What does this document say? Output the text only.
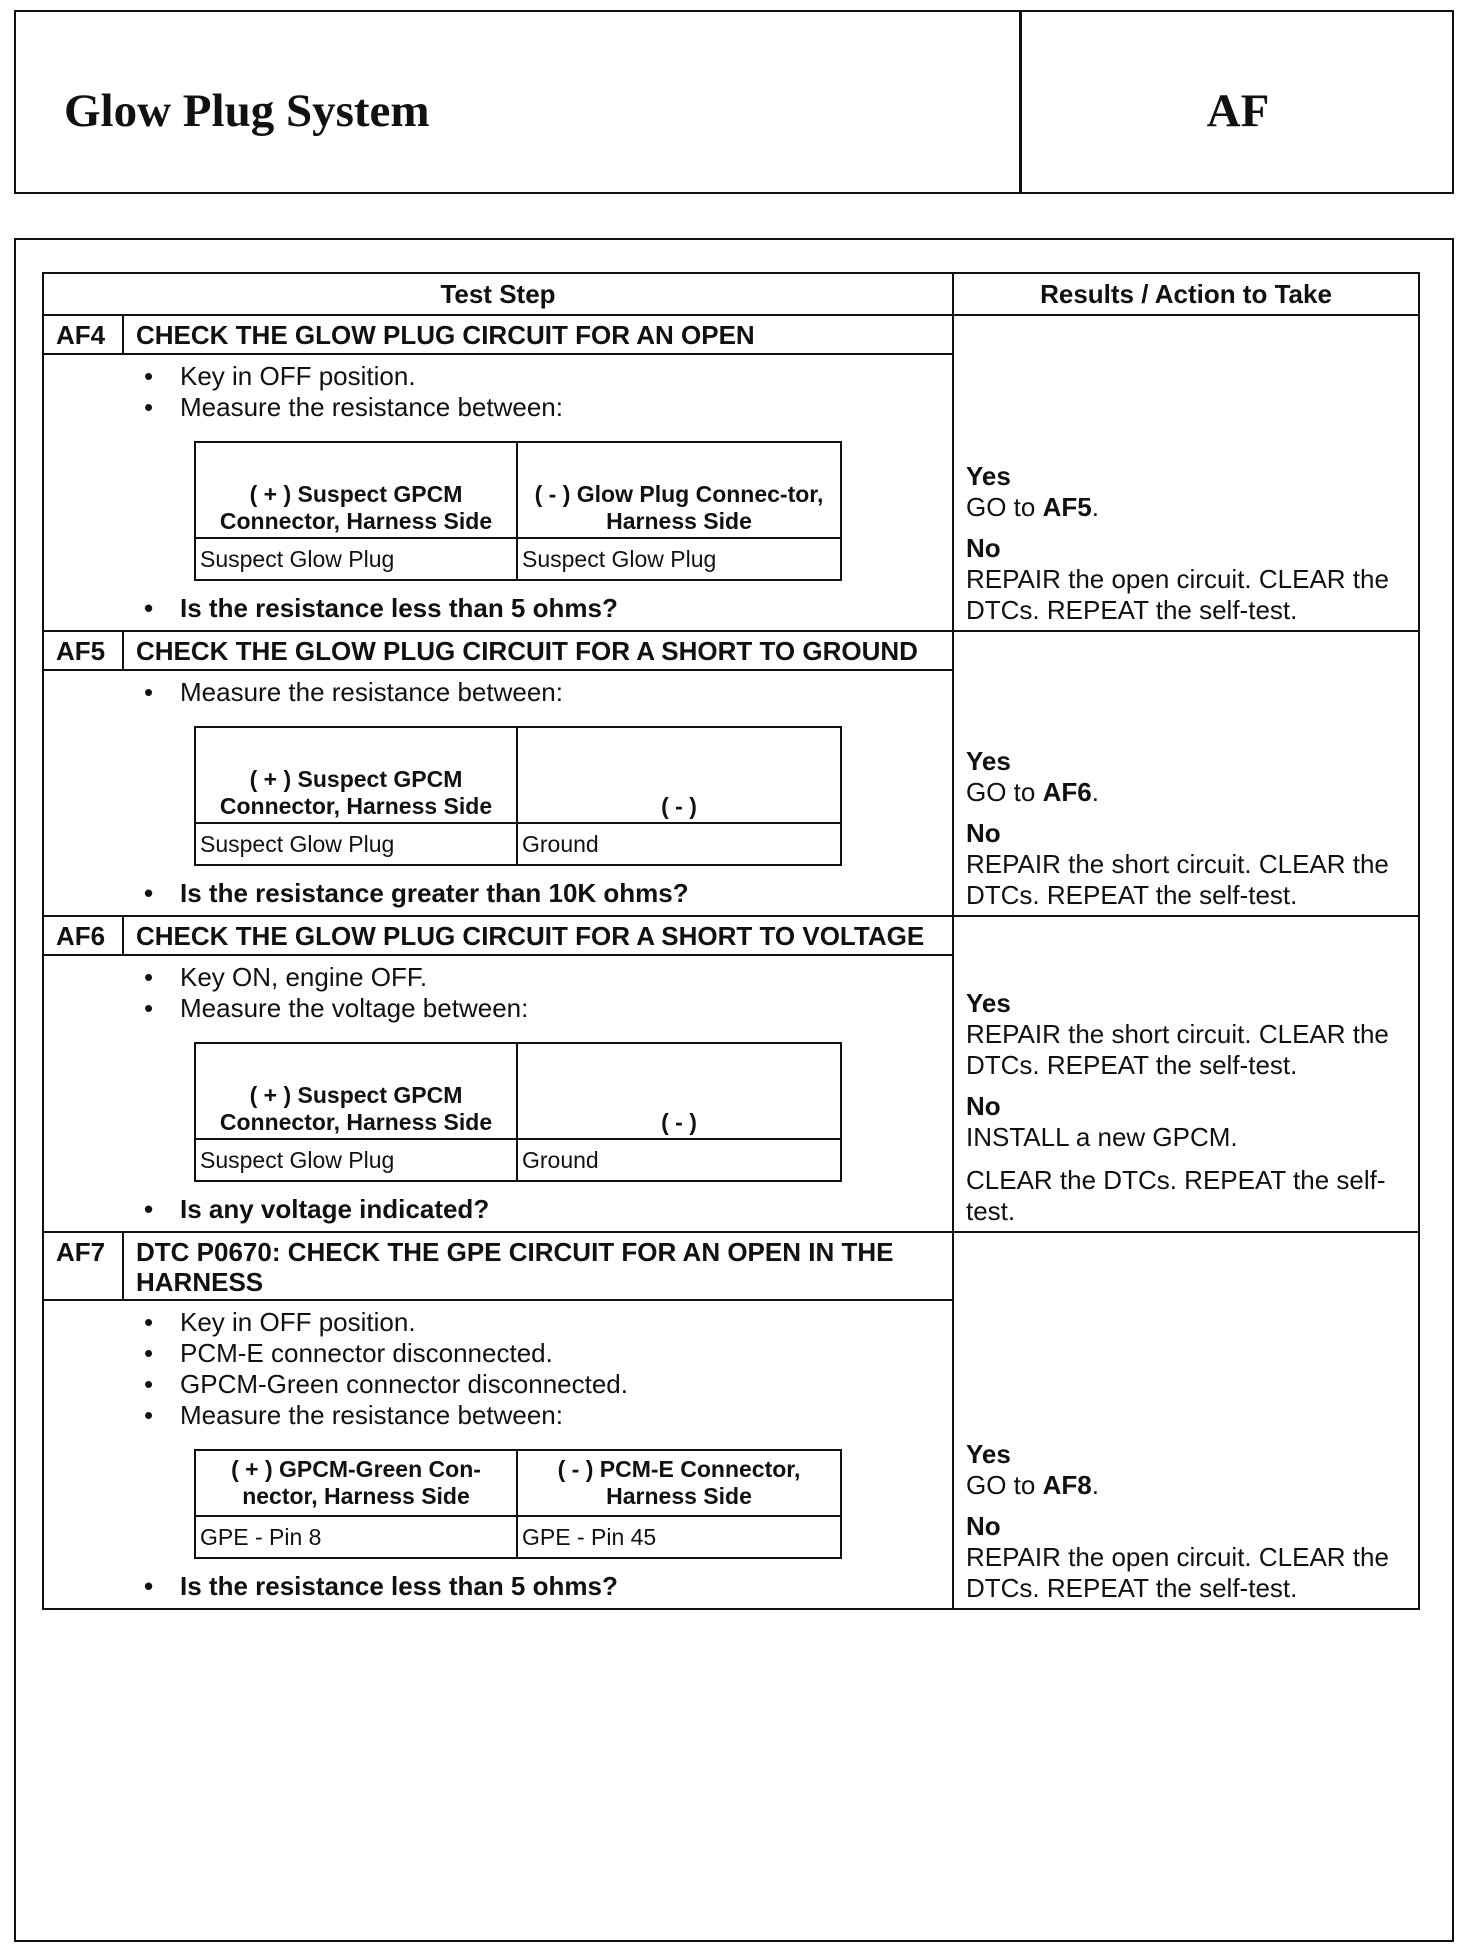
Glow Plug System	AF
Test Step	Results / Action to Take

AF4	CHECK THE GLOW PLUG CIRCUIT FOR AN OPEN
• Key in OFF position.
• Measure the resistance between:
( + ) Suspect GPCM Connector, Harness Side	( - ) Glow Plug Connec-tor, Harness Side
Suspect Glow Plug	Suspect Glow Plug
• Is the resistance less than 5 ohms?

Yes
GO to AF5.
No
REPAIR the open circuit. CLEAR the DTCs. REPEAT the self-test.

AF5	CHECK THE GLOW PLUG CIRCUIT FOR A SHORT TO GROUND
• Measure the resistance between:
( + ) Suspect GPCM Connector, Harness Side	( - )
Suspect Glow Plug	Ground
• Is the resistance greater than 10K ohms?

Yes
GO to AF6.
No
REPAIR the short circuit. CLEAR the DTCs. REPEAT the self-test.

AF6	CHECK THE GLOW PLUG CIRCUIT FOR A SHORT TO VOLTAGE
• Key ON, engine OFF.
• Measure the voltage between:
( + ) Suspect GPCM Connector, Harness Side	( - )
Suspect Glow Plug	Ground
• Is any voltage indicated?

Yes
REPAIR the short circuit. CLEAR the DTCs. REPEAT the self-test.
No
INSTALL a new GPCM.
CLEAR the DTCs. REPEAT the self-test.

AF7	DTC P0670: CHECK THE GPE CIRCUIT FOR AN OPEN IN THE HARNESS
• Key in OFF position.
• PCM-E connector disconnected.
• GPCM-Green connector disconnected.
• Measure the resistance between:
( + ) GPCM-Green Con-nector, Harness Side	( - ) PCM-E Connector, Harness Side
GPE - Pin 8	GPE - Pin 45
• Is the resistance less than 5 ohms?

Yes
GO to AF8.
No
REPAIR the open circuit. CLEAR the DTCs. REPEAT the self-test.
